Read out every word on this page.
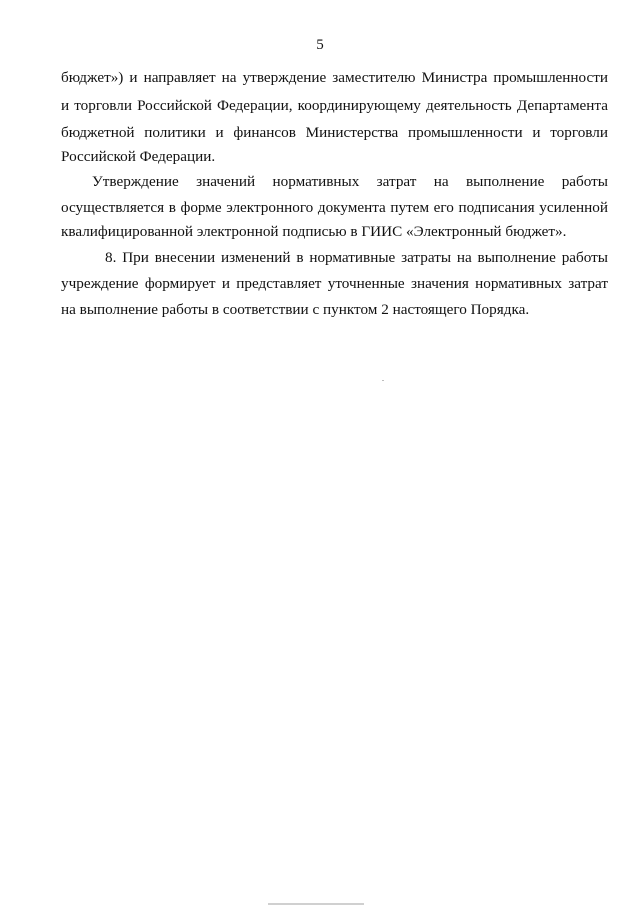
5
бюджет») и направляет на утверждение заместителю Министра промышленности
и торговли Российской Федерации, координирующему деятельность Департамента
бюджетной политики и финансов Министерства промышленности и торговли
Российской Федерации.
Утверждение значений нормативных затрат на выполнение работы
осуществляется в форме электронного документа путем его подписания усиленной
квалифицированной электронной подписью в ГИИС «Электронный бюджет».
8. При внесении изменений в нормативные затраты на выполнение работы
учреждение формирует и представляет уточненные значения нормативных затрат
на выполнение работы в соответствии с пунктом 2 настоящего Порядка.
